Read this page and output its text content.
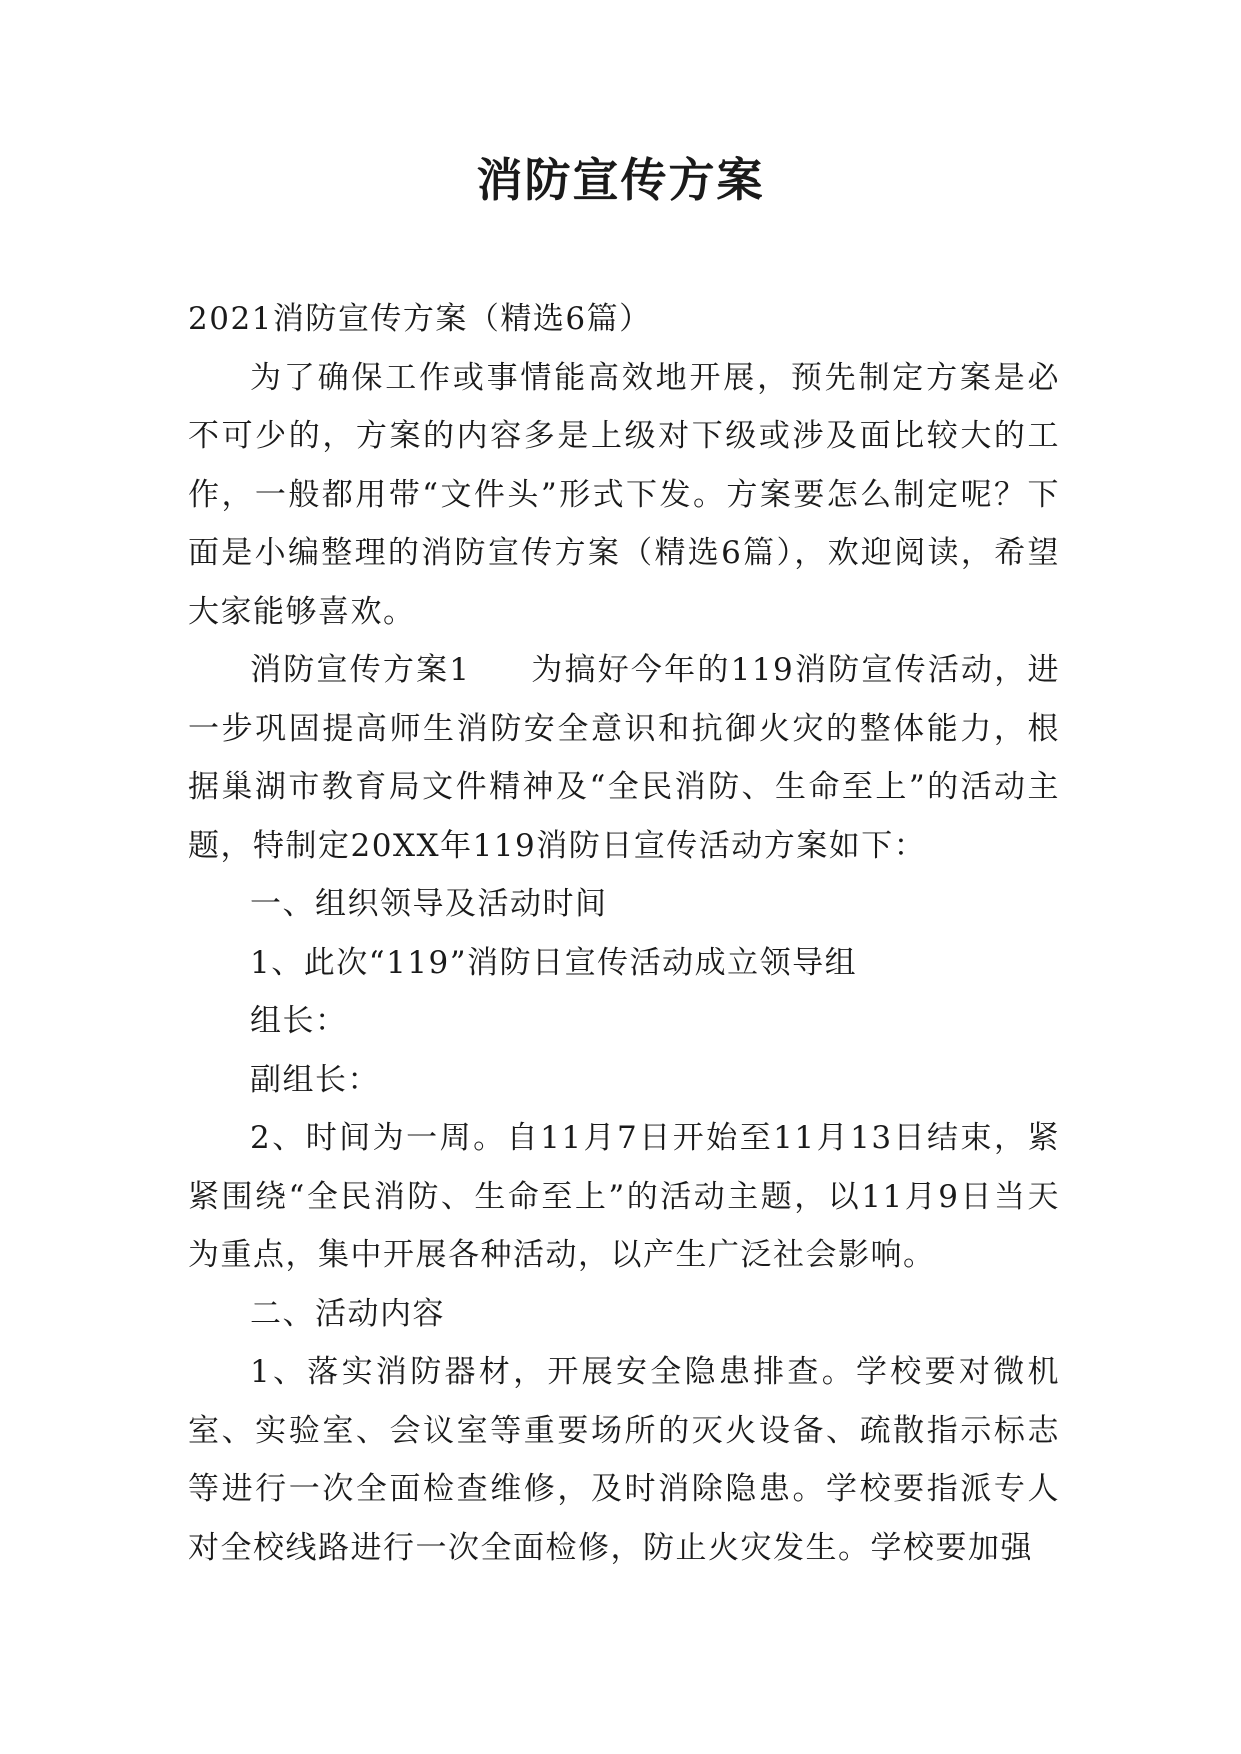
消防宣传方案

2021消防宣传方案（精选6篇）

为了确保工作或事情能高效地开展，预先制定方案是必不可少的，方案的内容多是上级对下级或涉及面比较大的工作，一般都用带“文件头”形式下发。方案要怎么制定呢？下面是小编整理的消防宣传方案（精选6篇），欢迎阅读，希望大家能够喜欢。

消防宣传方案1 为搞好今年的119消防宣传活动，进一步巩固提高师生消防安全意识和抗御火灾的整体能力，根据巢湖市教育局文件精神及“全民消防、生命至上”的活动主题，特制定20XX年119消防日宣传活动方案如下：

一、组织领导及活动时间

1、此次“119”消防日宣传活动成立领导组

组长：

副组长：

2、时间为一周。自11月7日开始至11月13日结束，紧紧围绕“全民消防、生命至上”的活动主题，以11月9日当天为重点，集中开展各种活动，以产生广泛社会影响。

二、活动内容

1、落实消防器材，开展安全隐患排查。学校要对微机室、实验室、会议室等重要场所的灭火设备、疏散指示标志等进行一次全面检查维修，及时消除隐患。学校要指派专人对全校线路进行一次全面检修，防止火灾发生。学校要加强
